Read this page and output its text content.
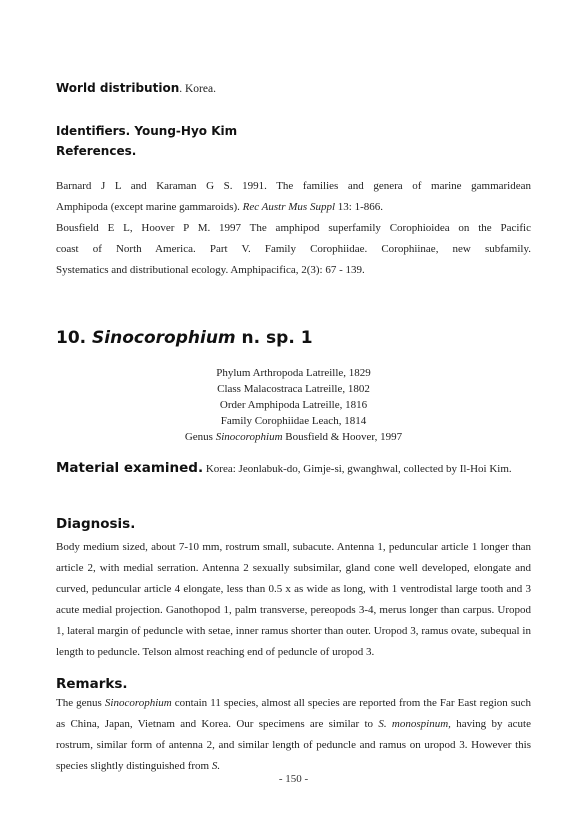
World distribution. Korea.
Identifiers. Young-Hyo Kim
References.
Barnard J L and Karaman G S. 1991. The families and genera of marine gammaridean
Amphipoda (except marine gammaroids). Rec Austr Mus Suppl 13: 1-866.
Bousfield E L, Hoover P M. 1997 The amphipod superfamily Corophioidea on the Pacific
coast of North America. Part V. Family Corophiidae. Corophiinae, new subfamily.
Systematics and distributional ecology. Amphipacifica, 2(3): 67 - 139.
10. Sinocorophium n. sp. 1
Phylum Arthropoda Latreille, 1829
Class Malacostraca Latreille, 1802
Order Amphipoda Latreille, 1816
Family Corophiidae Leach, 1814
Genus Sinocorophium Bousfield & Hoover, 1997
Material examined. Korea: Jeonlabuk-do, Gimje-si, gwanghwal, collected by Il-Hoi Kim.
Diagnosis.
Body medium sized, about 7-10 mm, rostrum small, subacute. Antenna 1, peduncular article 1 longer than article 2, with medial serration. Antenna 2 sexually subsimilar, gland cone well developed, elongate and curved, peduncular article 4 elongate, less than 0.5 x as wide as long, with 1 ventrodistal large tooth and 3 acute medial projection. Ganothopod 1, palm transverse, pereopods 3-4, merus longer than carpus. Uropod 1, lateral margin of peduncle with setae, inner ramus shorter than outer. Uropod 3, ramus ovate, subequal in length to peduncle. Telson almost reaching end of peduncle of uropod 3.
Remarks.
The genus Sinocorophium contain 11 species, almost all species are reported from the Far East region such as China, Japan, Vietnam and Korea. Our specimens are similar to S. monospinum, having by acute rostrum, similar form of antenna 2, and similar length of peduncle and ramus on uropod 3. However this species slightly distinguished from S.
- 150 -
